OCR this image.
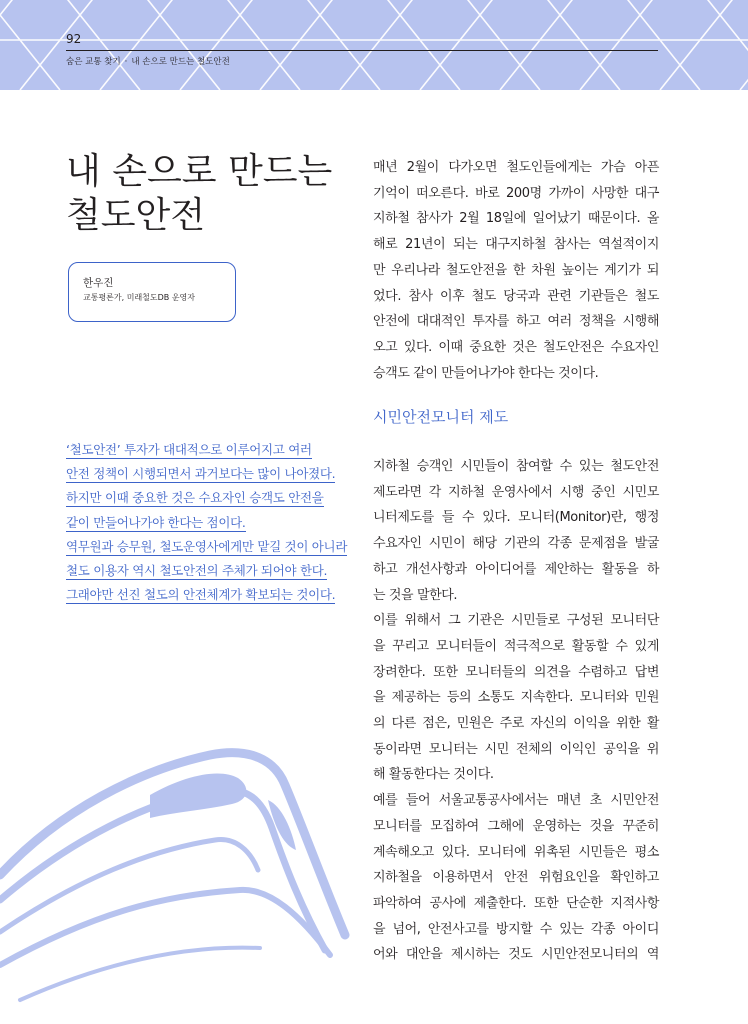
92
숨은 교통 찾기 · 내 손으로 만드는 철도안전
내 손으로 만드는
철도안전
한우진
교통평론가, 미래철도DB 운영자
‘철도안전’ 투자가 대대적으로 이루어지고 여러
안전 정책이 시행되면서 과거보다는 많이 나아졌다.
하지만 이때 중요한 것은 수요자인 승객도 안전을
같이 만들어나가야 한다는 점이다.
역무원과 승무원, 철도운영사에게만 맡길 것이 아니라
철도 이용자 역시 철도안전의 주체가 되어야 한다.
그래야만 선진 철도의 안전체계가 확보되는 것이다.
매년 2월이 다가오면 철도인들에게는 가슴 아픈
기억이 떠오른다. 바로 200명 가까이 사망한 대구
지하철 참사가 2월 18일에 일어났기 때문이다. 올
해로 21년이 되는 대구지하철 참사는 역설적이지
만 우리나라 철도안전을 한 차원 높이는 계기가 되
었다. 참사 이후 철도 당국과 관련 기관들은 철도
안전에 대대적인 투자를 하고 여러 정책을 시행해
오고 있다. 이때 중요한 것은 철도안전은 수요자인
승객도 같이 만들어나가야 한다는 것이다.
시민안전모니터 제도
지하철 승객인 시민들이 참여할 수 있는 철도안전
제도라면 각 지하철 운영사에서 시행 중인 시민모
니터제도를 들 수 있다. 모니터(Monitor)란, 행정
수요자인 시민이 해당 기관의 각종 문제점을 발굴
하고 개선사항과 아이디어를 제안하는 활동을 하
는 것을 말한다.
이를 위해서 그 기관은 시민들로 구성된 모니터단
을 꾸리고 모니터들이 적극적으로 활동할 수 있게
장려한다. 또한 모니터들의 의견을 수렴하고 답변
을 제공하는 등의 소통도 지속한다. 모니터와 민원
의 다른 점은, 민원은 주로 자신의 이익을 위한 활
동이라면 모니터는 시민 전체의 이익인 공익을 위
해 활동한다는 것이다.
예를 들어 서울교통공사에서는 매년 초 시민안전
모니터를 모집하여 그해에 운영하는 것을 꾸준히
계속해오고 있다. 모니터에 위촉된 시민들은 평소
지하철을 이용하면서 안전 위험요인을 확인하고
파악하여 공사에 제출한다. 또한 단순한 지적사항
을 넘어, 안전사고를 방지할 수 있는 각종 아이디
어와 대안을 제시하는 것도 시민안전모니터의 역
